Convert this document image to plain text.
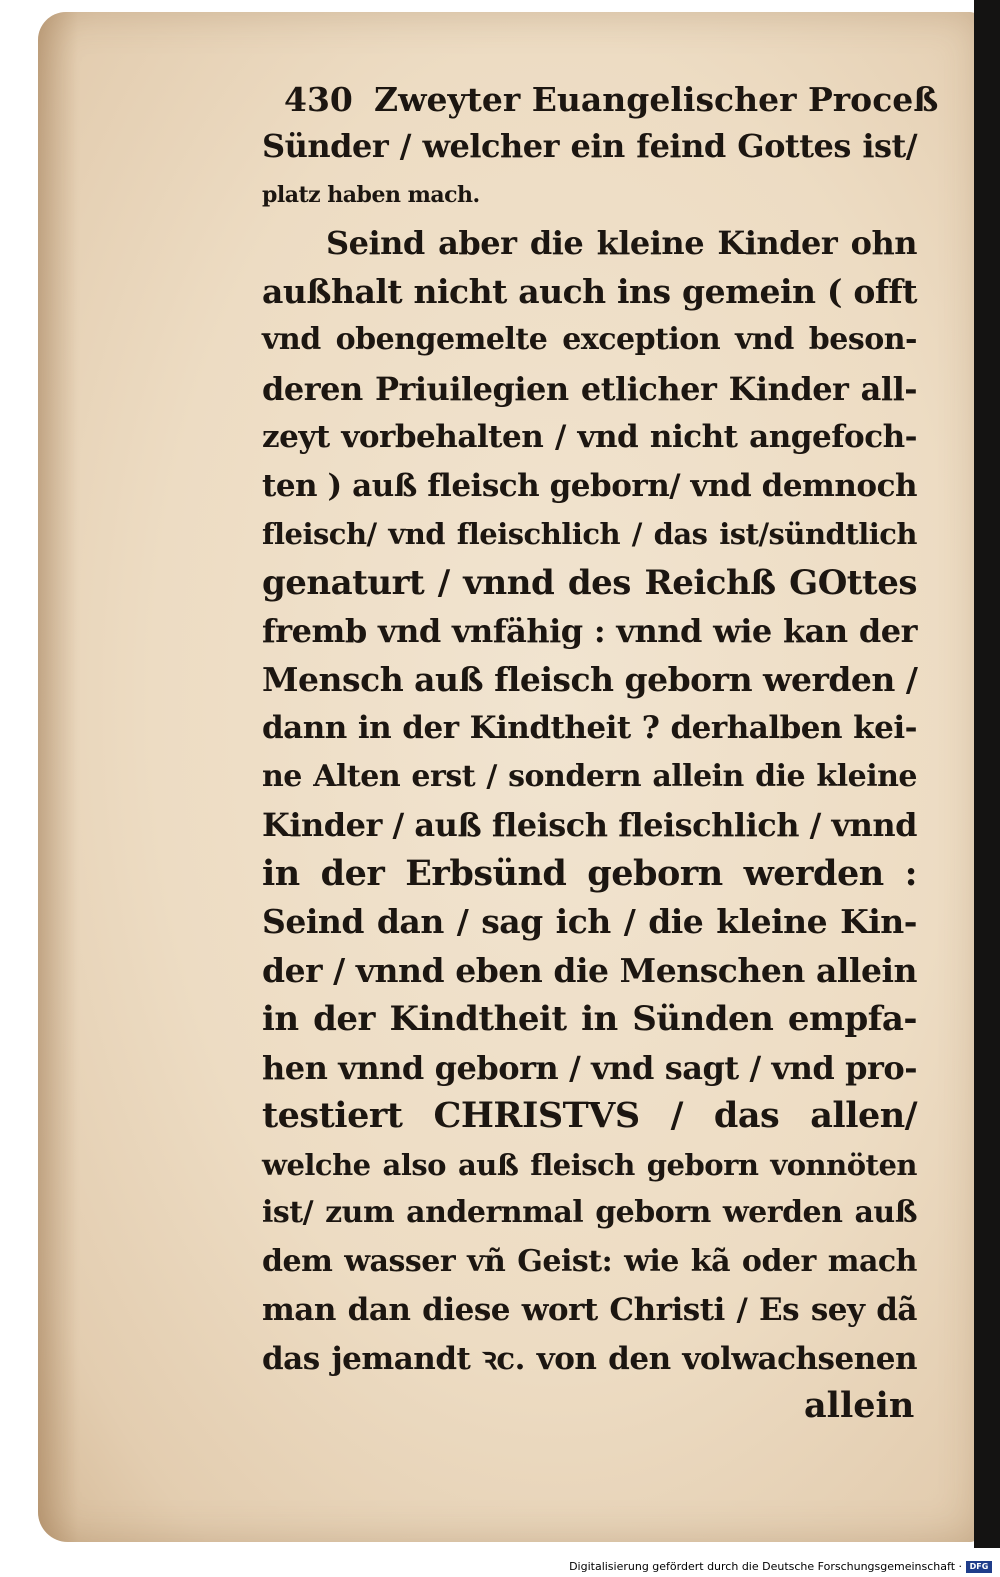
430 Zweyter Euangelischer Proceß
Sünder / welcher ein feind Gottes ist/
platz haben mach.
Seind aber die kleine Kinder ohn
außhalt nicht auch ins gemein ( offt
vnd obengemelte exception vnd beson-
deren Priuilegien etlicher Kinder all-
zeyt vorbehalten / vnd nicht angefoch-
ten ) auß fleisch geborn/ vnd demnoch
fleisch/ vnd fleischlich / das ist/sündtlich
genaturt / vnnd des Reichß GOttes
fremb vnd vnfähig : vnnd wie kan der
Mensch auß fleisch geborn werden /
dann in der Kindtheit ? derhalben kei-
ne Alten erst / sondern allein die kleine
Kinder / auß fleisch fleischlich / vnnd
in der Erbsünd geborn werden :
Seind dan / sag ich / die kleine Kin-
der / vnnd eben die Menschen allein
in der Kindtheit in Sünden empfa-
hen vnnd geborn / vnd sagt / vnd pro-
testiert CHRISTVS / das allen/
welche also auß fleisch geborn vonnöten
ist/ zum andernmal geborn werden auß
dem wasser vñ Geist: wie kã oder mach
man dan diese wort Christi / Es sey dã
das jemandt ꝛc. von den volwachsenen
allein
Digitalisierung gefördert durch die Deutsche Forschungsgemeinschaft · DFG
